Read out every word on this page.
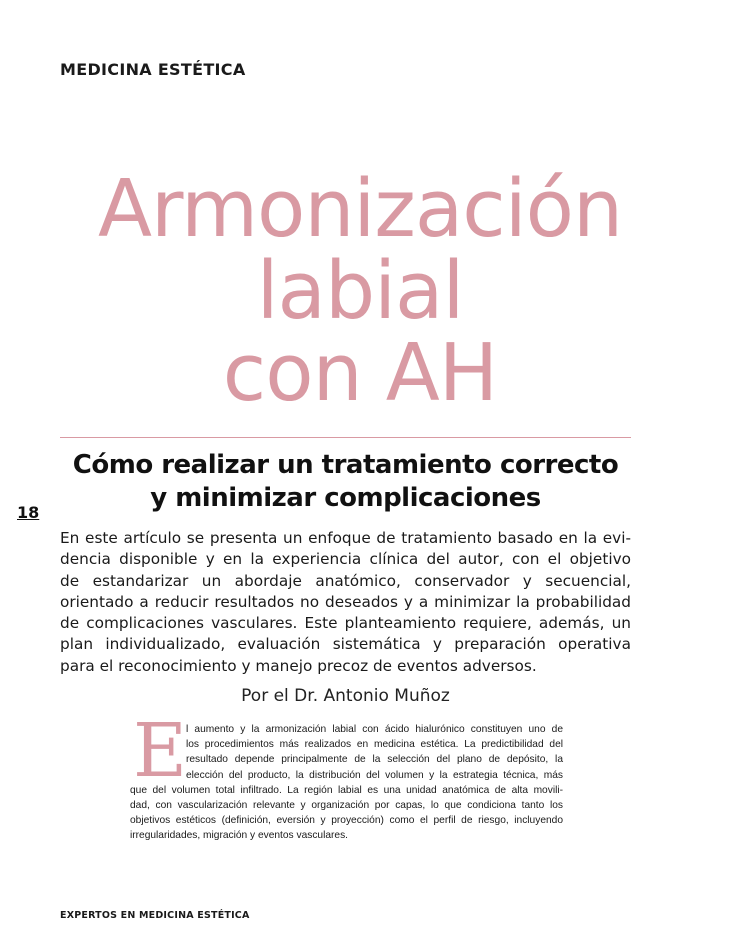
MEDICINA ESTÉTICA
Armonización
labial
con AH
Cómo realizar un tratamiento correcto
y minimizar complicaciones
18
En este artículo se presenta un enfoque de tratamiento basado en la evi-
dencia disponible y en la experiencia clínica del autor, con el objetivo
de estandarizar un abordaje anatómico, conservador y secuencial,
orientado a reducir resultados no deseados y a minimizar la probabilidad
de complicaciones vasculares. Este planteamiento requiere, además, un
plan individualizado, evaluación sistemática y preparación operativa
para el reconocimiento y manejo precoz de eventos adversos.
Por el Dr. Antonio Muñoz
E
l aumento y la armonización labial con ácido hialurónico constituyen uno de
los procedimientos más realizados en medicina estética. La predictibilidad del
resultado depende principalmente de la selección del plano de depósito, la
elección del producto, la distribución del volumen y la estrategia técnica, más
que del volumen total infiltrado. La región labial es una unidad anatómica de alta movili-
dad, con vascularización relevante y organización por capas, lo que condiciona tanto los
objetivos estéticos (definición, eversión y proyección) como el perfil de riesgo, incluyendo
irregularidades, migración y eventos vasculares.
EXPERTOS EN MEDICINA ESTÉTICA
